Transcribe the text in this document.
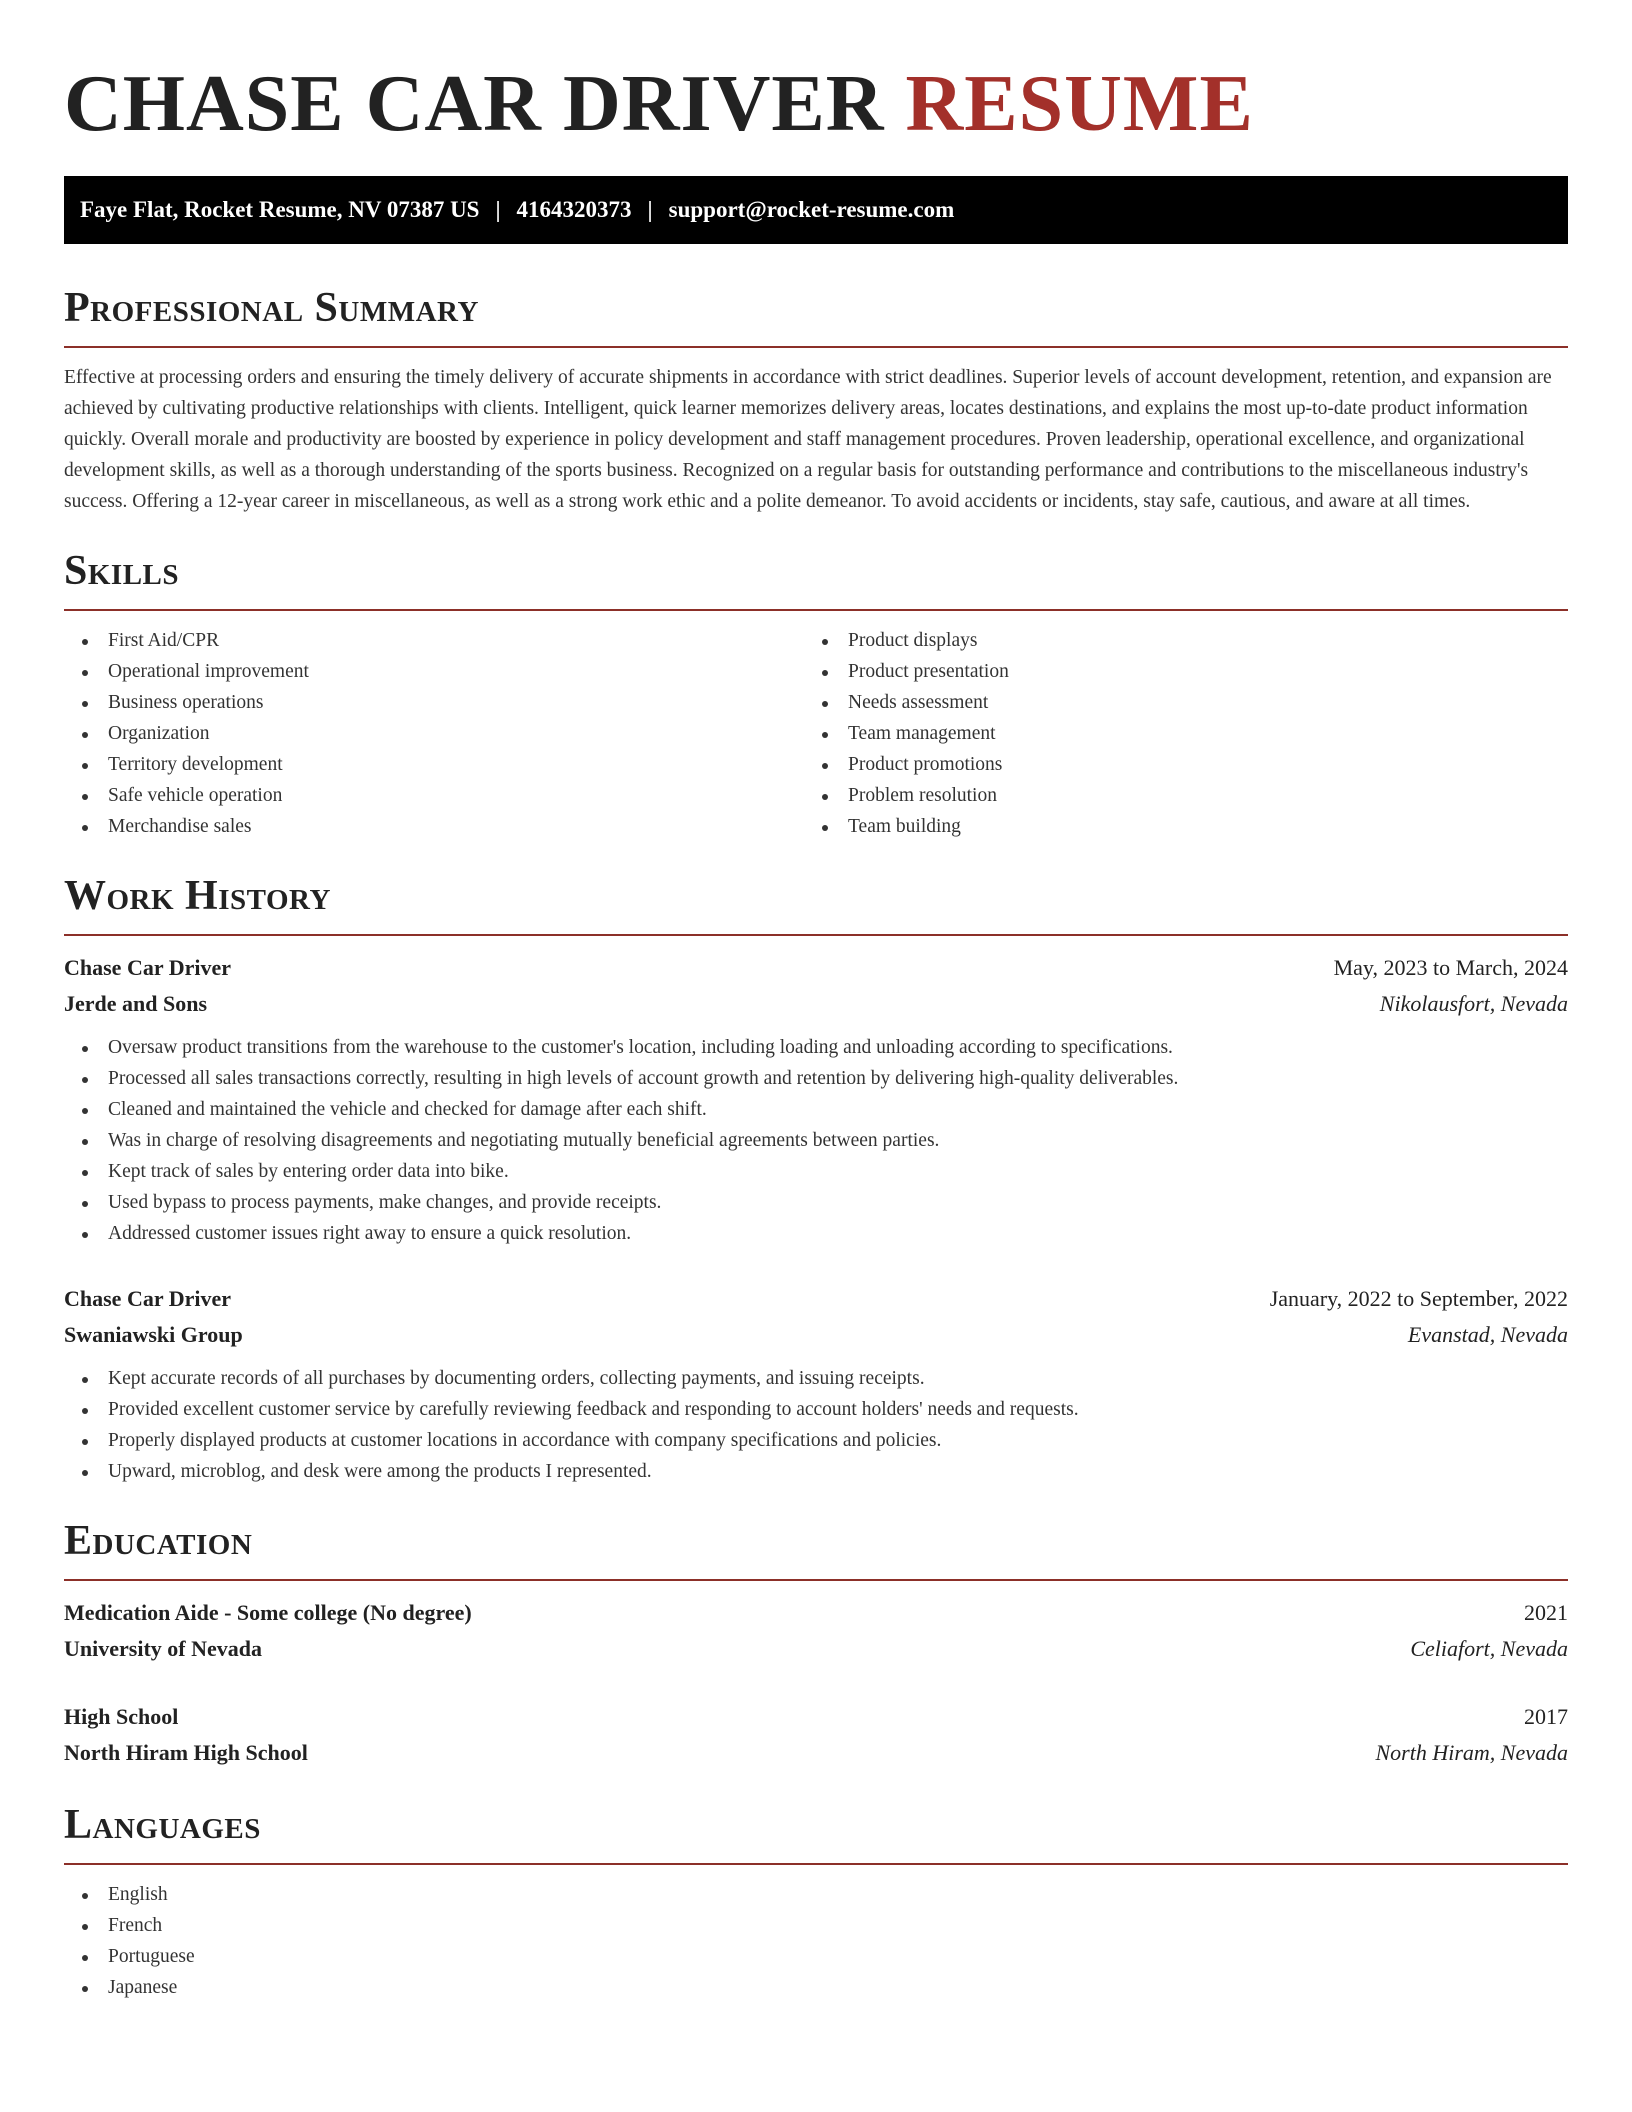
CHASE CAR DRIVER RESUME
Faye Flat, Rocket Resume, NV 07387 US | 4164320373 | support@rocket-resume.com
Professional Summary

Effective at processing orders and ensuring the timely delivery of accurate shipments in accordance with strict deadlines. Superior levels of account development, retention, and expansion are achieved by cultivating productive relationships with clients. Intelligent, quick learner memorizes delivery areas, locates destinations, and explains the most up-to-date product information quickly. Overall morale and productivity are boosted by experience in policy development and staff management procedures. Proven leadership, operational excellence, and organizational development skills, as well as a thorough understanding of the sports business. Recognized on a regular basis for outstanding performance and contributions to the miscellaneous industry's success. Offering a 12-year career in miscellaneous, as well as a strong work ethic and a polite demeanor. To avoid accidents or incidents, stay safe, cautious, and aware at all times.

Skills
First Aid/CPR
Operational improvement
Business operations
Organization
Territory development
Safe vehicle operation
Merchandise sales
Product displays
Product presentation
Needs assessment
Team management
Product promotions
Problem resolution
Team building
Work History
Chase Car Driver	May, 2023 to March, 2024
Jerde and Sons	Nikolausfort, Nevada
Oversaw product transitions from the warehouse to the customer's location, including loading and unloading according to specifications.
Processed all sales transactions correctly, resulting in high levels of account growth and retention by delivering high-quality deliverables.
Cleaned and maintained the vehicle and checked for damage after each shift.
Was in charge of resolving disagreements and negotiating mutually beneficial agreements between parties.
Kept track of sales by entering order data into bike.
Used bypass to process payments, make changes, and provide receipts.
Addressed customer issues right away to ensure a quick resolution.
Chase Car Driver	January, 2022 to September, 2022
Swaniawski Group	Evanstad, Nevada
Kept accurate records of all purchases by documenting orders, collecting payments, and issuing receipts.
Provided excellent customer service by carefully reviewing feedback and responding to account holders' needs and requests.
Properly displayed products at customer locations in accordance with company specifications and policies.
Upward, microblog, and desk were among the products I represented.
Education
Medication Aide - Some college (No degree)	2021
University of Nevada	Celiafort, Nevada
High School	2017
North Hiram High School	North Hiram, Nevada
Languages
English
French
Portuguese
Japanese
